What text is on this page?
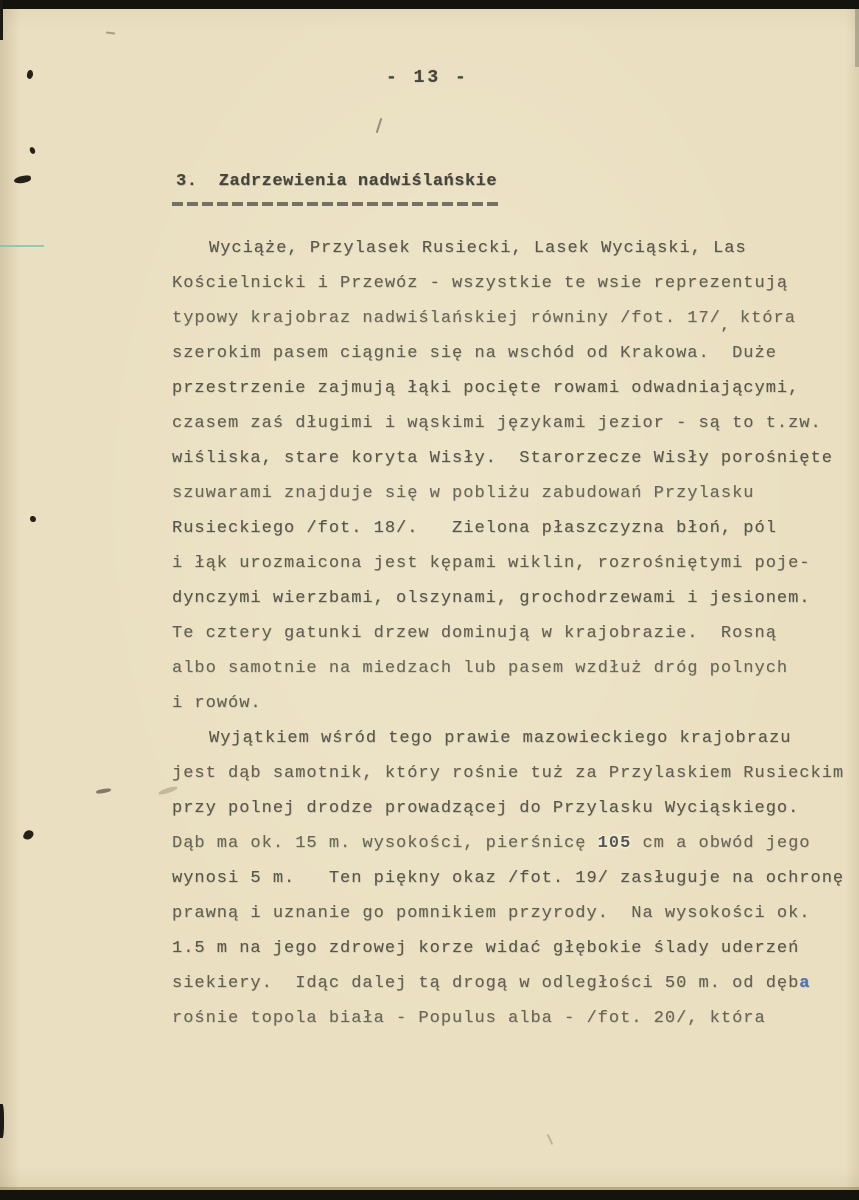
- 13 -
3.  Zadrzewienia nadwiślańskie
Wyciąże, Przylasek Rusiecki, Lasek Wyciąski, Las
Kościelnicki i Przewóz - wszystkie te wsie reprezentują
typowy krajobraz nadwiślańskiej równiny /fot. $17/_,$ która
szerokim pasem ciągnie się na wschód od Krakowa.  Duże
przestrzenie zajmują łąki pocięte rowami odwadniającymi,
czasem zaś długimi i wąskimi językami jezior - są to t.zw.
wiśliska, stare koryta Wisły.  Starorzecze Wisły porośnięte
szuwarami znajduje się w pobliżu zabudowań Przylasku
Rusieckiego /fot. 18/.   Zielona płaszczyzna błoń, pól
i łąk urozmaicona jest kępami wiklin, rozrośniętymi poje-
dynczymi wierzbami, olszynami, grochodrzewami i jesionem.
Te cztery gatunki drzew dominują w krajobrazie.  Rosną
albo samotnie na miedzach lub pasem wzdłuż dróg polnych
i rowów.
Wyjątkiem wśród tego prawie mazowieckiego krajobrazu
jest dąb samotnik, który rośnie tuż za Przylaskiem Rusieckim
przy polnej drodze prowadzącej do Przylasku Wyciąskiego.
Dąb ma ok. 15 m. wysokości, pierśnicę 105 cm a obwód jego
wynosi 5 m.   Ten piękny okaz /fot. 19/ zasługuje na ochronę
prawną i uznanie go pomnikiem przyrody.  Na wysokości ok.
1.5 m na jego zdrowej korze widać głębokie ślady uderzeń
siekiery.  Idąc dalej tą drogą w odległości 50 m. od dęba
rośnie topola biała - Populus alba - /fot. 20/, która
